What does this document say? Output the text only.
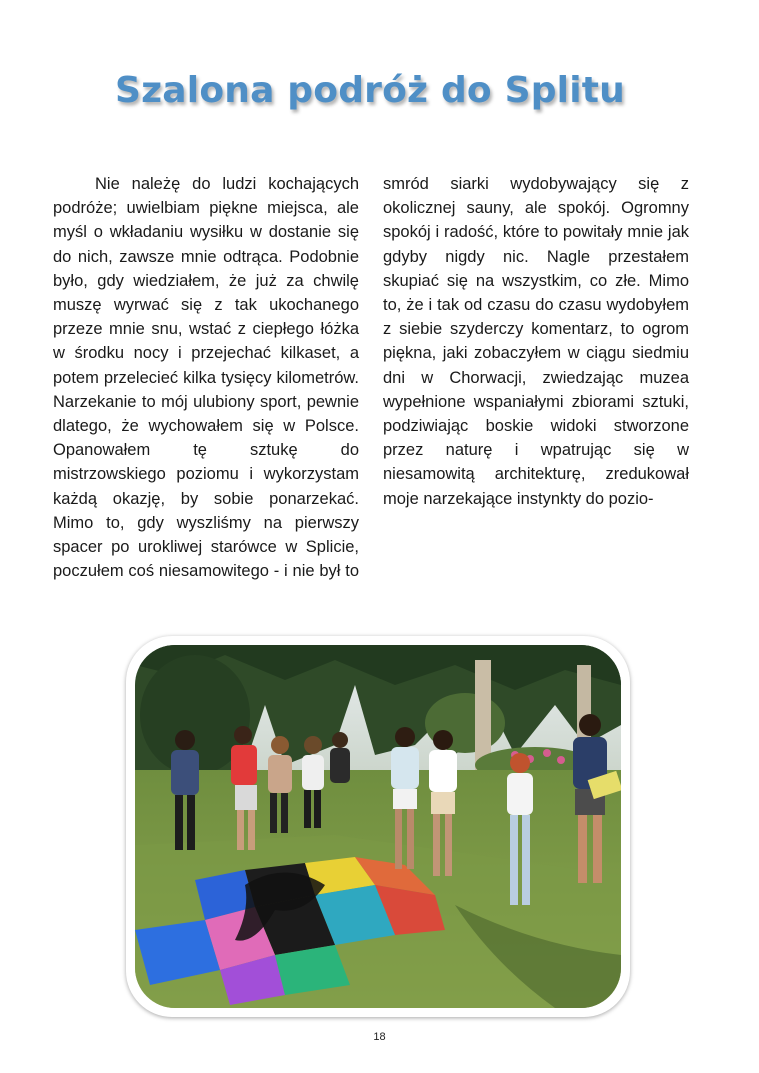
Szalona podróż do Splitu

Nie należę do ludzi kochających podróże; uwielbiam piękne miejsca, ale myśl o wkładaniu wysiłku w dostanie się do nich, zawsze mnie odtrąca. Podobnie było, gdy wiedziałem, że już za chwilę muszę wyrwać się z tak ukochanego przeze mnie snu, wstać z ciepłego łóżka w środku nocy i przejechać kilkaset, a potem przelecieć kilka tysięcy kilometrów. Narzekanie to mój ulubiony sport, pewnie dlatego, że wychowałem się w Polsce. Opanowałem tę sztukę do mistrzowskiego poziomu i wykorzystam każdą okazję, by sobie ponarzekać. Mimo to, gdy wyszliśmy na pierwszy spacer po urokliwej starówce w Splicie, poczułem coś niesamowitego - i nie był to smród siarki wydobywający się z okolicznej sauny, ale spokój. Ogromny spokój i radość, które to powitały mnie jak gdyby nigdy nic. Nagle przestałem skupiać się na wszystkim, co złe. Mimo to, że i tak od czasu do czasu wydobyłem z siebie szyderczy komentarz, to ogrom piękna, jaki zobaczyłem w ciągu siedmiu dni w Chorwacji, zwiedzając muzea wypełnione wspaniałymi zbiorami sztuki, podziwiając boskie widoki stworzone przez naturę i wpatrując się w niesamowitą architekturę, zredukował moje narzekające instynkty do pozio-

18
